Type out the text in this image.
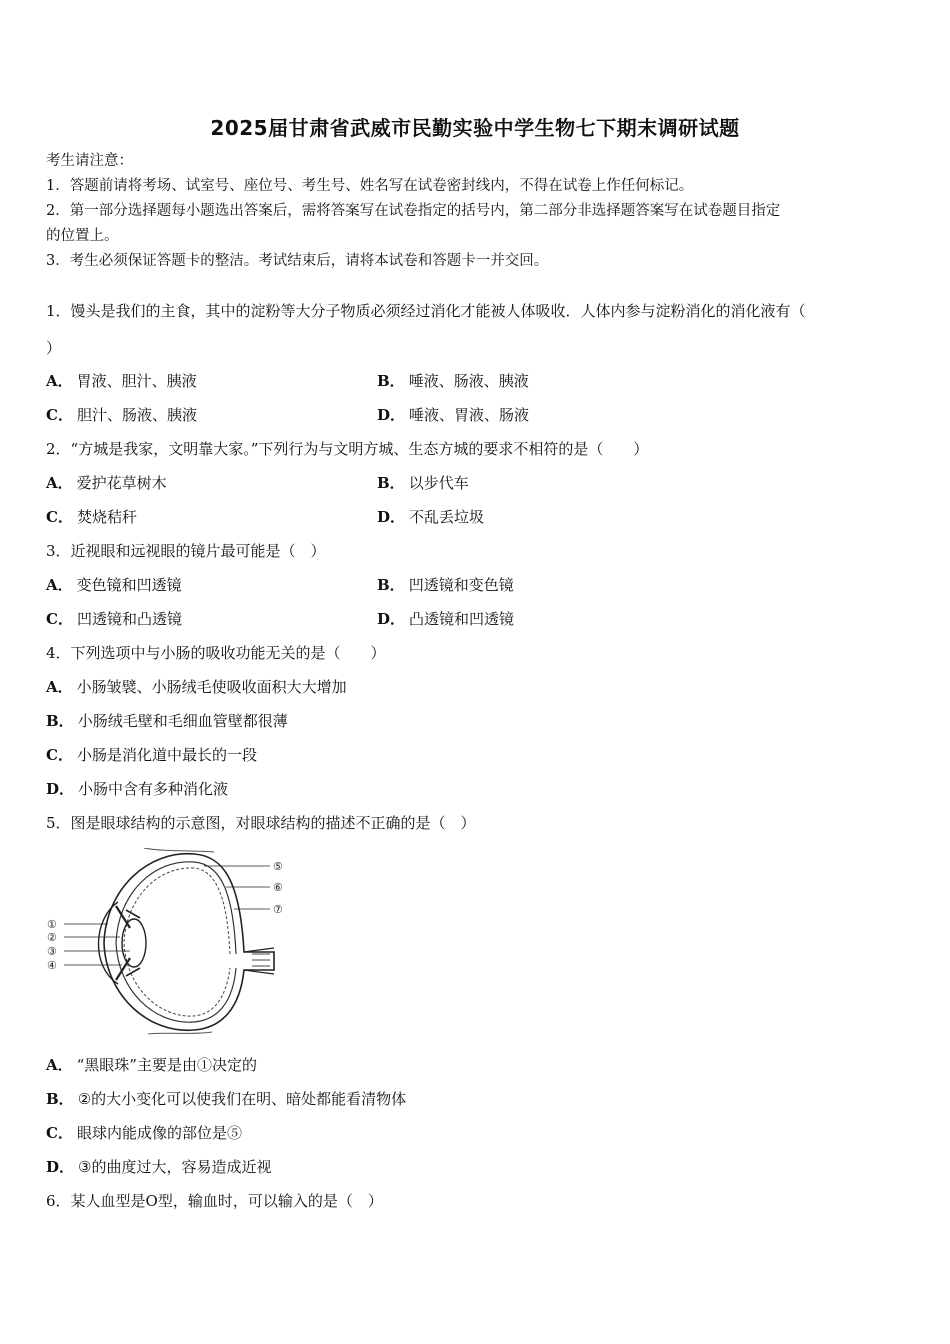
2025届甘肃省武威市民勤实验中学生物七下期末调研试题
考生请注意：
1．答题前请将考场、试室号、座位号、考生号、姓名写在试卷密封线内，不得在试卷上作任何标记。
2．第一部分选择题每小题选出答案后，需将答案写在试卷指定的括号内，第二部分非选择题答案写在试卷题目指定
的位置上。
3．考生必须保证答题卡的整洁。考试结束后，请将本试卷和答题卡一并交回。
1．馒头是我们的主食，其中的淀粉等大分子物质必须经过消化才能被人体吸收．人体内参与淀粉消化的消化液有（
）
A． 胃液、胆汁、胰液	B． 唾液、肠液、胰液
C． 胆汁、肠液、胰液	D． 唾液、胃液、肠液
2．“方城是我家，文明靠大家。”下列行为与文明方城、生态方城的要求不相符的是（　　）
A． 爱护花草树木	B． 以步代车
C． 焚烧秸秆	D． 不乱丢垃圾
3．近视眼和远视眼的镜片最可能是（　）
A． 变色镜和凹透镜	B． 凹透镜和变色镜
C． 凹透镜和凸透镜	D． 凸透镜和凹透镜
4．下列选项中与小肠的吸收功能无关的是（　　）
A． 小肠皱襞、小肠绒毛使吸收面积大大增加
B． 小肠绒毛壁和毛细血管壁都很薄
C． 小肠是消化道中最长的一段
D． 小肠中含有多种消化液
5．图是眼球结构的示意图，对眼球结构的描述不正确的是（　）
①
②
③
④
⑤
⑥
⑦
A． “黑眼珠”主要是由①决定的
B． ②的大小变化可以使我们在明、暗处都能看清物体
C． 眼球内能成像的部位是⑤
D． ③的曲度过大，容易造成近视
6．某人血型是O型，输血时，可以输入的是（　）
